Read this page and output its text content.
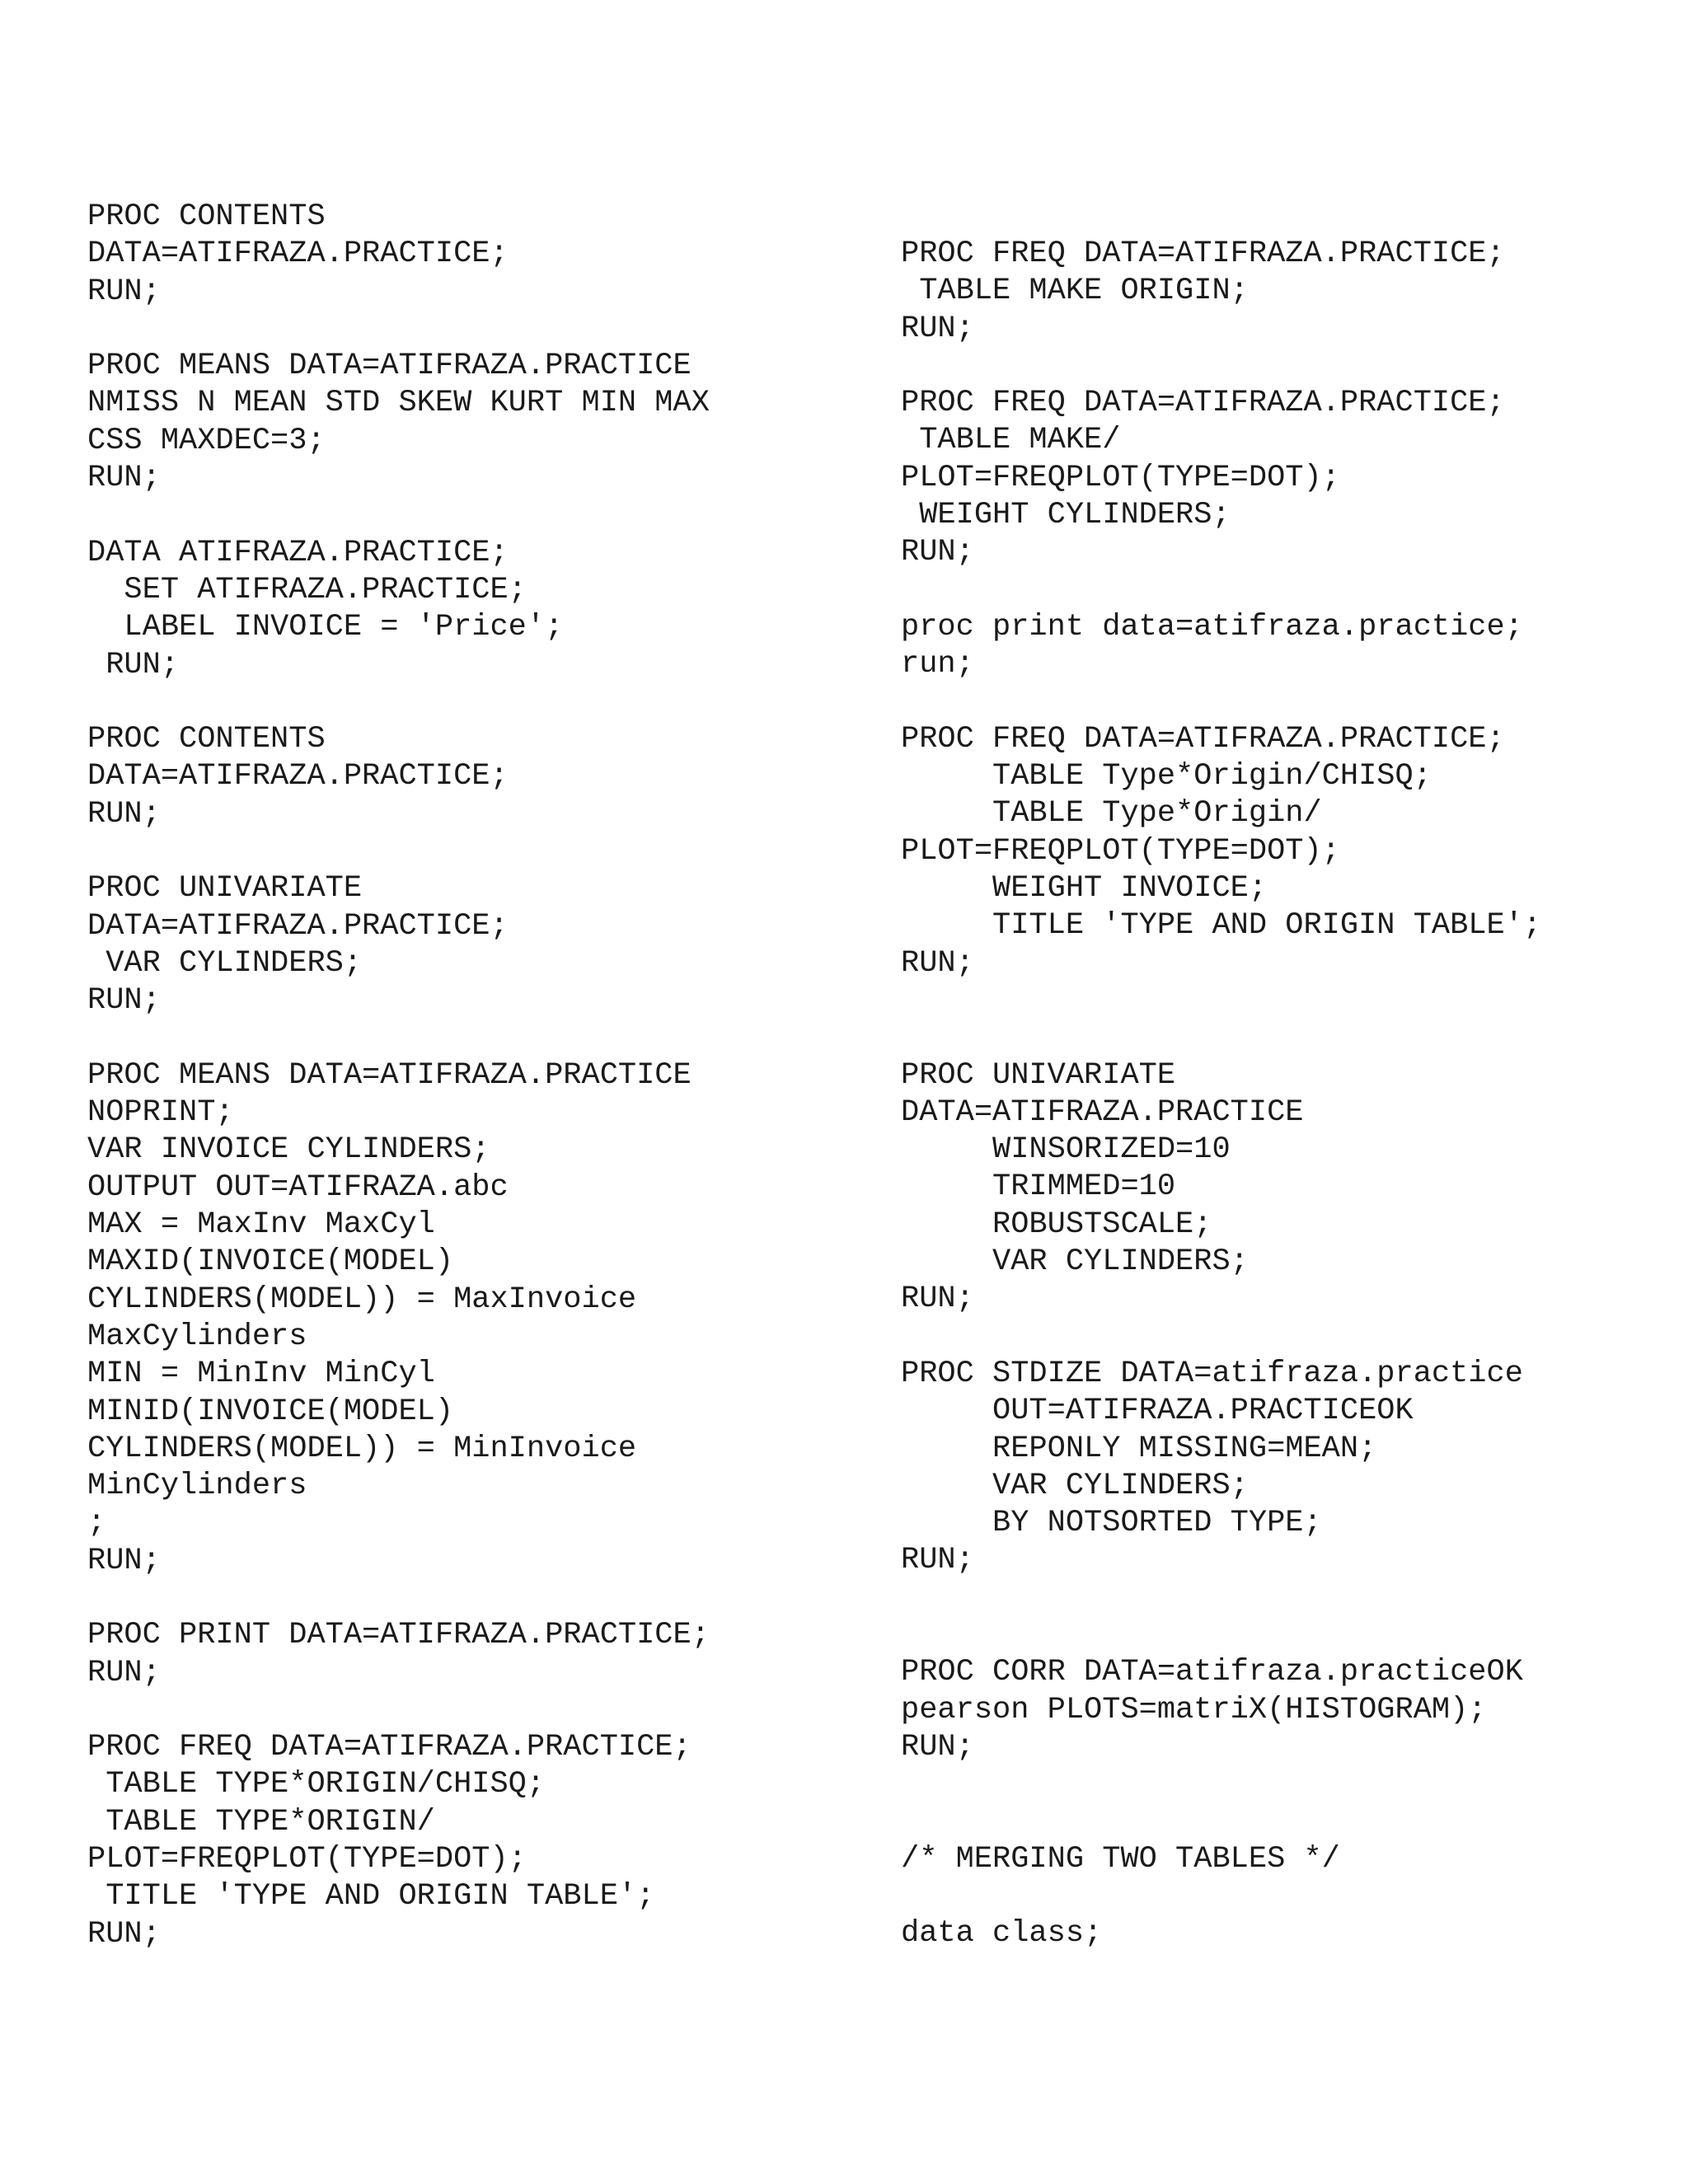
PROC CONTENTS
DATA=ATIFRAZA.PRACTICE;
RUN;
PROC MEANS DATA=ATIFRAZA.PRACTICE
NMISS N MEAN STD SKEW KURT MIN MAX
CSS MAXDEC=3;
RUN;
DATA ATIFRAZA.PRACTICE;
SET ATIFRAZA.PRACTICE;
LABEL INVOICE = 'Price';
RUN;
PROC CONTENTS
DATA=ATIFRAZA.PRACTICE;
RUN;
PROC UNIVARIATE
DATA=ATIFRAZA.PRACTICE;
VAR CYLINDERS;
RUN;
PROC MEANS DATA=ATIFRAZA.PRACTICE
NOPRINT;
VAR INVOICE CYLINDERS;
OUTPUT OUT=ATIFRAZA.abc
MAX = MaxInv MaxCyl
MAXID(INVOICE(MODEL)
CYLINDERS(MODEL)) = MaxInvoice
MaxCylinders
MIN = MinInv MinCyl
MINID(INVOICE(MODEL)
CYLINDERS(MODEL)) = MinInvoice
MinCylinders
;
RUN;
PROC PRINT DATA=ATIFRAZA.PRACTICE;
RUN;
PROC FREQ DATA=ATIFRAZA.PRACTICE;
TABLE TYPE*ORIGIN/CHISQ;
TABLE TYPE*ORIGIN/
PLOT=FREQPLOT(TYPE=DOT);
TITLE 'TYPE AND ORIGIN TABLE';
RUN;
PROC FREQ DATA=ATIFRAZA.PRACTICE;
TABLE MAKE ORIGIN;
RUN;
PROC FREQ DATA=ATIFRAZA.PRACTICE;
TABLE MAKE/
PLOT=FREQPLOT(TYPE=DOT);
WEIGHT CYLINDERS;
RUN;
proc print data=atifraza.practice;
run;
PROC FREQ DATA=ATIFRAZA.PRACTICE;
TABLE Type*Origin/CHISQ;
TABLE Type*Origin/
PLOT=FREQPLOT(TYPE=DOT);
WEIGHT INVOICE;
TITLE 'TYPE AND ORIGIN TABLE';
RUN;
PROC UNIVARIATE
DATA=ATIFRAZA.PRACTICE
WINSORIZED=10
TRIMMED=10
ROBUSTSCALE;
VAR CYLINDERS;
RUN;
PROC STDIZE DATA=atifraza.practice
OUT=ATIFRAZA.PRACTICEOK
REPONLY MISSING=MEAN;
VAR CYLINDERS;
BY NOTSORTED TYPE;
RUN;
PROC CORR DATA=atifraza.practiceOK
pearson PLOTS=matriX(HISTOGRAM);
RUN;
/* MERGING TWO TABLES */
data class;
